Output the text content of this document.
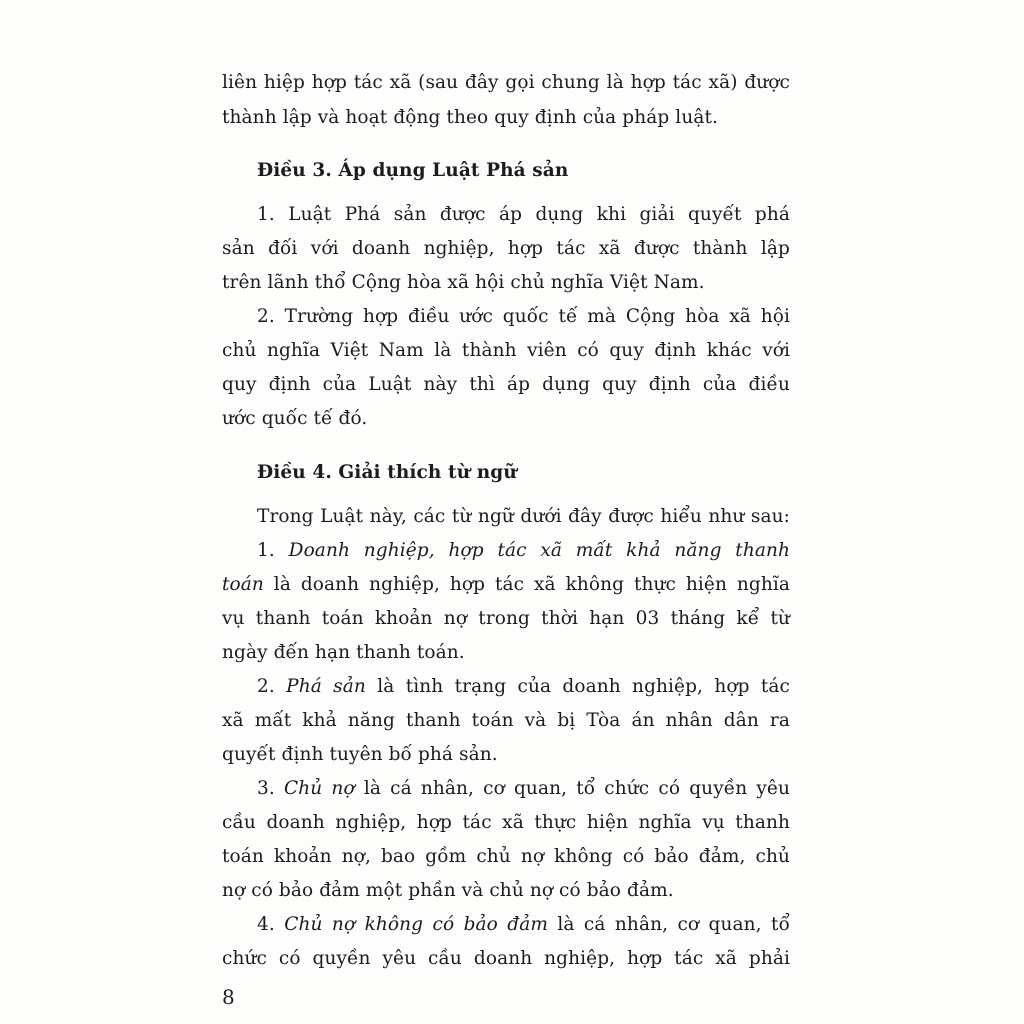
liên hiệp hợp tác xã (sau đây gọi chung là hợp tác xã) được
thành lập và hoạt động theo quy định của pháp luật.
Điều 3. Áp dụng Luật Phá sản
1. Luật Phá sản được áp dụng khi giải quyết phá
sản đối với doanh nghiệp, hợp tác xã được thành lập
trên lãnh thổ Cộng hòa xã hội chủ nghĩa Việt Nam.
2. Trường hợp điều ước quốc tế mà Cộng hòa xã hội
chủ nghĩa Việt Nam là thành viên có quy định khác với
quy định của Luật này thì áp dụng quy định của điều
ước quốc tế đó.
Điều 4. Giải thích từ ngữ
Trong Luật này, các từ ngữ dưới đây được hiểu như sau:
1. Doanh nghiệp, hợp tác xã mất khả năng thanh
toán là doanh nghiệp, hợp tác xã không thực hiện nghĩa
vụ thanh toán khoản nợ trong thời hạn 03 tháng kể từ
ngày đến hạn thanh toán.
2. Phá sản là tình trạng của doanh nghiệp, hợp tác
xã mất khả năng thanh toán và bị Tòa án nhân dân ra
quyết định tuyên bố phá sản.
3. Chủ nợ là cá nhân, cơ quan, tổ chức có quyền yêu
cầu doanh nghiệp, hợp tác xã thực hiện nghĩa vụ thanh
toán khoản nợ, bao gồm chủ nợ không có bảo đảm, chủ
nợ có bảo đảm một phần và chủ nợ có bảo đảm.
4. Chủ nợ không có bảo đảm là cá nhân, cơ quan, tổ
chức có quyền yêu cầu doanh nghiệp, hợp tác xã phải
8
